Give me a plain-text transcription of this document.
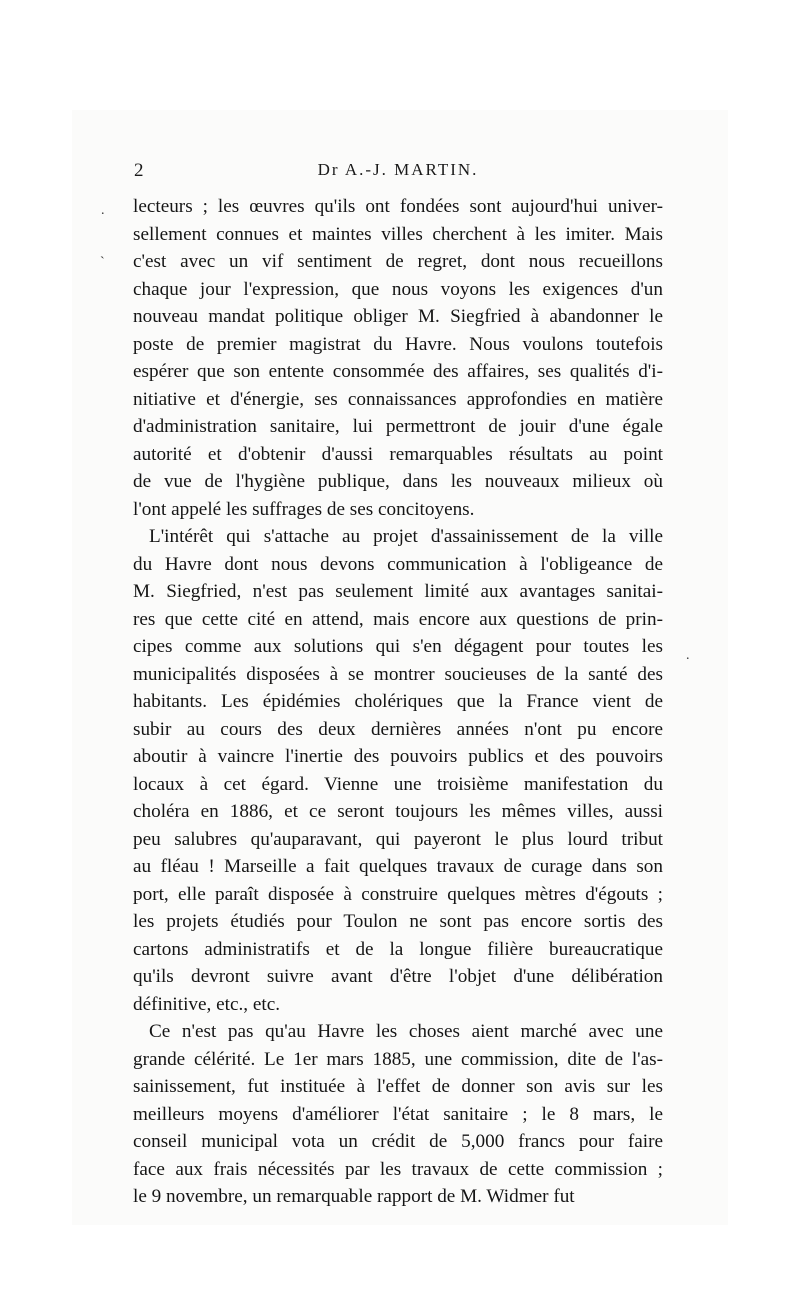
2	Dr A.-J. MARTIN.
.
`
.
lecteurs ; les œuvres qu'ils ont fondées sont aujourd'hui univer-
sellement connues et maintes villes cherchent à les imiter. Mais
c'est avec un vif sentiment de regret, dont nous recueillons
chaque jour l'expression, que nous voyons les exigences d'un
nouveau mandat politique obliger M. Siegfried à abandonner le
poste de premier magistrat du Havre. Nous voulons toutefois
espérer que son entente consommée des affaires, ses qualités d'i-
nitiative et d'énergie, ses connaissances approfondies en matière
d'administration sanitaire, lui permettront de jouir d'une égale
autorité et d'obtenir d'aussi remarquables résultats au point
de vue de l'hygiène publique, dans les nouveaux milieux où
l'ont appelé les suffrages de ses concitoyens.
L'intérêt qui s'attache au projet d'assainissement de la ville
du Havre dont nous devons communication à l'obligeance de
M. Siegfried, n'est pas seulement limité aux avantages sanitai-
res que cette cité en attend, mais encore aux questions de prin-
cipes comme aux solutions qui s'en dégagent pour toutes les
municipalités disposées à se montrer soucieuses de la santé des
habitants. Les épidémies cholériques que la France vient de
subir au cours des deux dernières années n'ont pu encore
aboutir à vaincre l'inertie des pouvoirs publics et des pouvoirs
locaux à cet égard. Vienne une troisième manifestation du
choléra en 1886, et ce seront toujours les mêmes villes, aussi
peu salubres qu'auparavant, qui payeront le plus lourd tribut
au fléau ! Marseille a fait quelques travaux de curage dans son
port, elle paraît disposée à construire quelques mètres d'égouts ;
les projets étudiés pour Toulon ne sont pas encore sortis des
cartons administratifs et de la longue filière bureaucratique
qu'ils devront suivre avant d'être l'objet d'une délibération
définitive, etc., etc.
Ce n'est pas qu'au Havre les choses aient marché avec une
grande célérité. Le 1er mars 1885, une commission, dite de l'as-
sainissement, fut instituée à l'effet de donner son avis sur les
meilleurs moyens d'améliorer l'état sanitaire ; le 8 mars, le
conseil municipal vota un crédit de 5,000 francs pour faire
face aux frais nécessités par les travaux de cette commission ;
le 9 novembre, un remarquable rapport de M. Widmer fut
